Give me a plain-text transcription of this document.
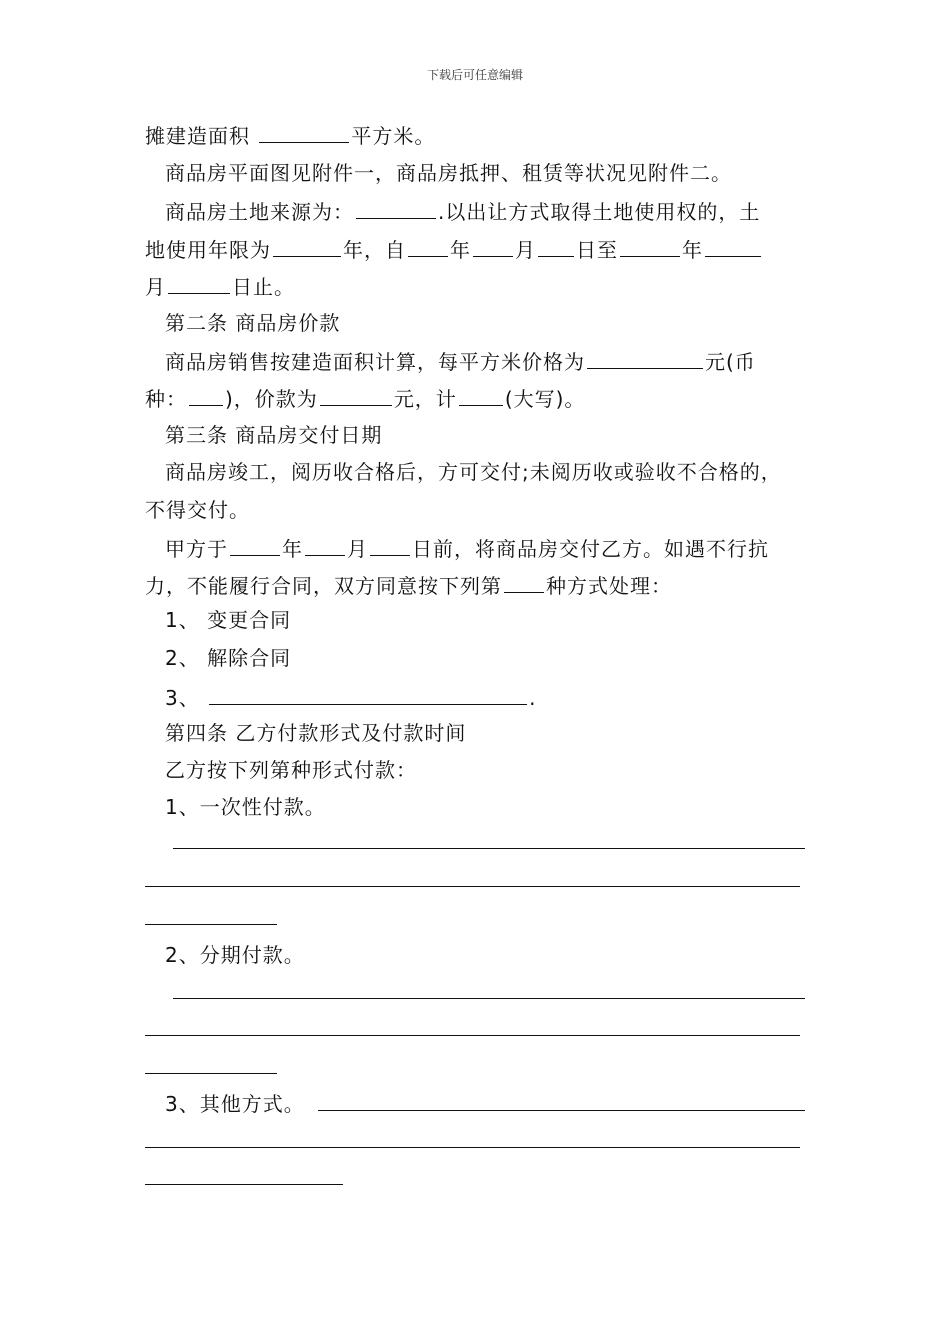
下载后可任意编辑
摊建造面积	平方米。
商品房平面图见附件一，商品房抵押、租赁等状况见附件二。
商品房土地来源为：	.以出让方式取得土地使用权的，土
地使用年限为	年，自 年 月 日至	年
月	日止。
第二条 商品房价款
商品房销售按建造面积计算，每平方米价格为	元(币
种： )，价款为	元，计 (大写)。
第三条 商品房交付日期
商品房竣工，阅历收合格后，方可交付;未阅历收或验收不合格的，
不得交付。
甲方于	年 月 日前，将商品房交付乙方。如遇不行抗
力，不能履行合同，双方同意按下列第 种方式处理：
1、 变更合同
2、 解除合同
3、	.
第四条 乙方付款形式及付款时间
乙方按下列第种形式付款：
1、一次性付款。
2、分期付款。
3、其他方式。
